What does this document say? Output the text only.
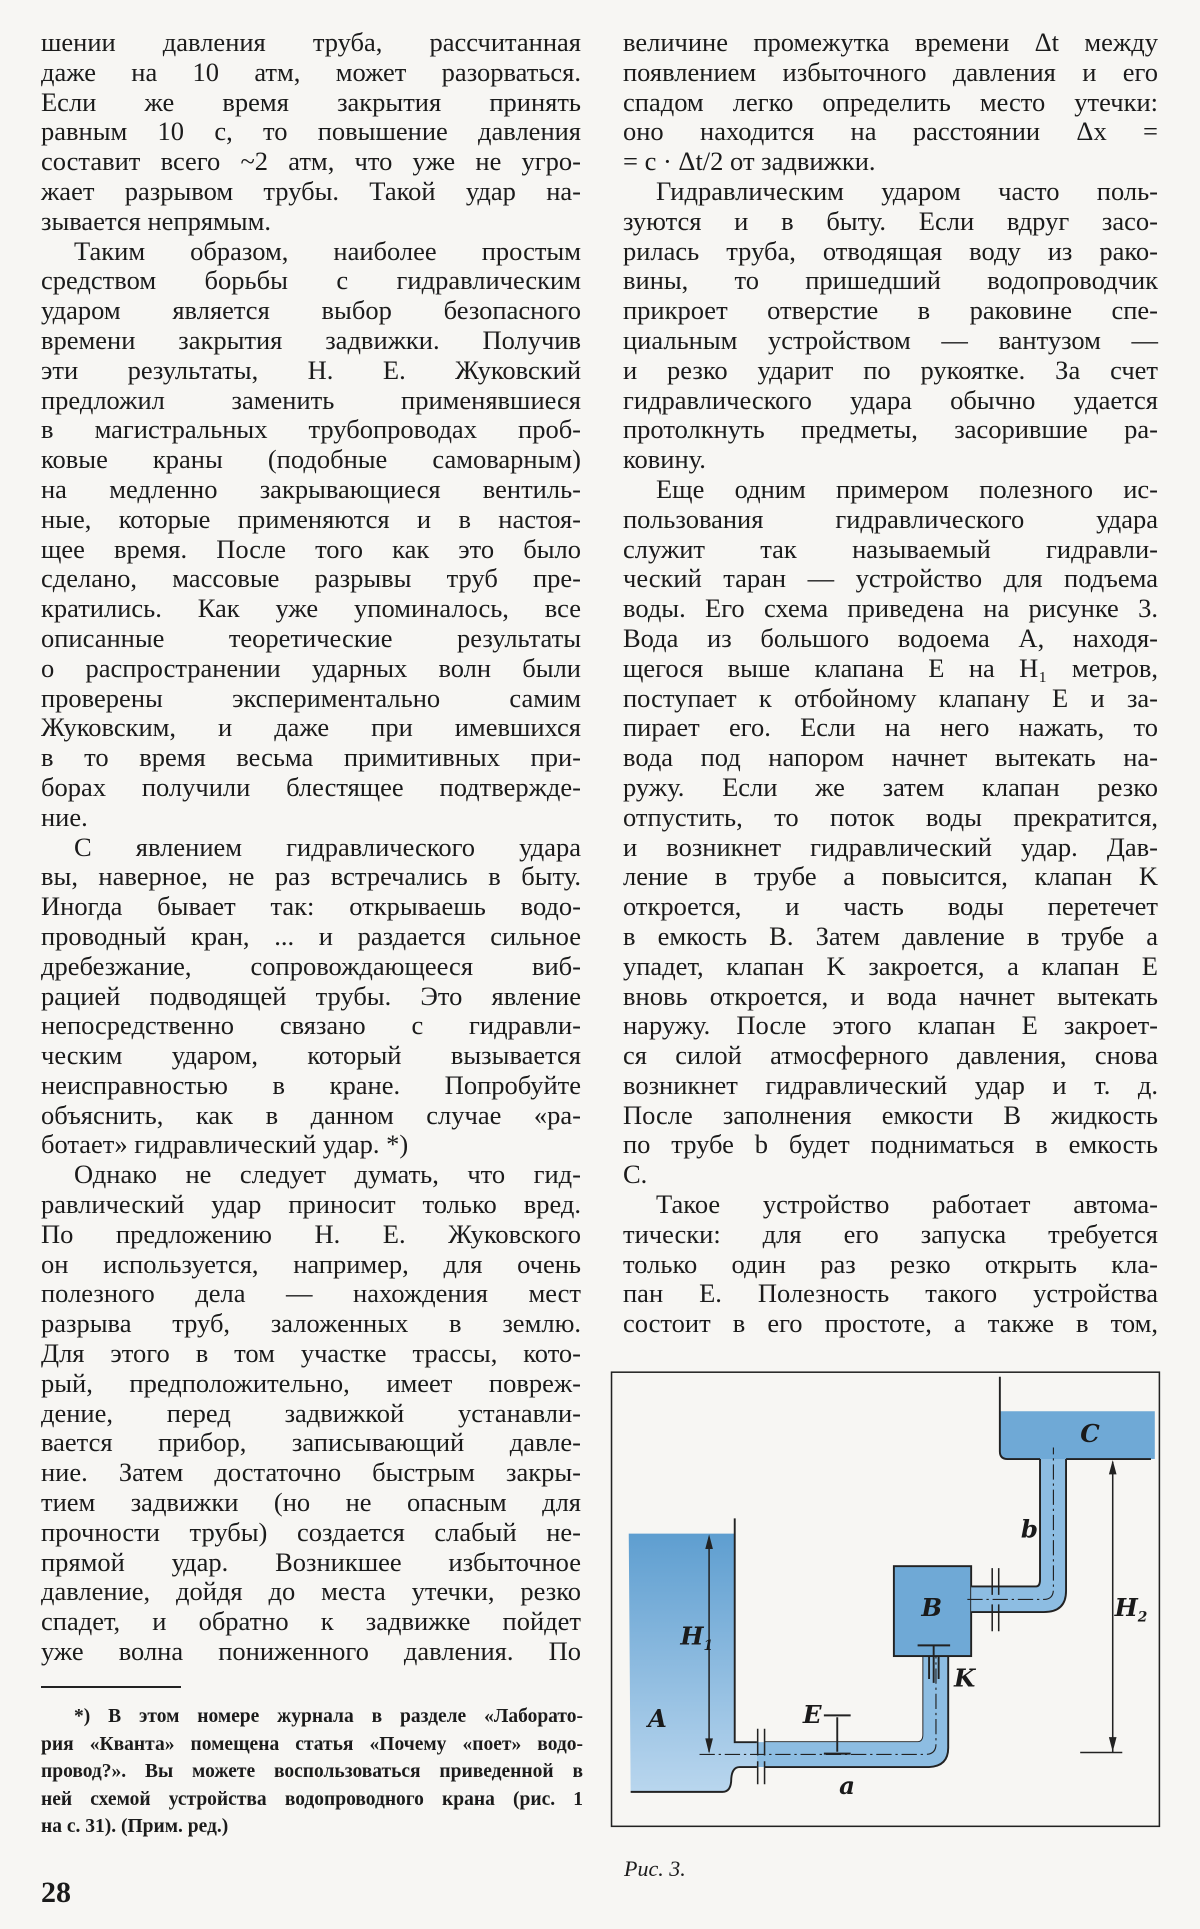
шении давления труба, рассчитанная
даже на 10 атм, может разорваться.
Если же время закрытия принять
равным 10 с, то повышение давления
составит всего ~2 атм, что уже не угро-
жает разрывом трубы. Такой удар на-
зывается непрямым.
Таким образом, наиболее простым
средством борьбы с гидравлическим
ударом является выбор безопасного
времени закрытия задвижки. Получив
эти результаты, Н. Е. Жуковский
предложил заменить применявшиеся
в магистральных трубопроводах проб-
ковые краны (подобные самоварным)
на медленно закрывающиеся вентиль-
ные, которые применяются и в настоя-
щее время. После того как это было
сделано, массовые разрывы труб пре-
кратились. Как уже упоминалось, все
описанные теоретические результаты
о распространении ударных волн были
проверены экспериментально самим
Жуковским, и даже при имевшихся
в то время весьма примитивных при-
борах получили блестящее подтвержде-
ние.
С явлением гидравлического удара
вы, наверное, не раз встречались в быту.
Иногда бывает так: открываешь водо-
проводный кран, ... и раздается сильное
дребезжание, сопровождающееся виб-
рацией подводящей трубы. Это явление
непосредственно связано с гидравли-
ческим ударом, который вызывается
неисправностью в кране. Попробуйте
объяснить, как в данном случае «ра-
ботает» гидравлический удар. *)
Однако не следует думать, что гид-
равлический удар приносит только вред.
По предложению Н. Е. Жуковского
он используется, например, для очень
полезного дела — нахождения мест
разрыва труб, заложенных в землю.
Для этого в том участке трассы, кото-
рый, предположительно, имеет повреж-
дение, перед задвижкой устанавли-
вается прибор, записывающий давле-
ние. Затем достаточно быстрым закры-
тием задвижки (но не опасным для
прочности трубы) создается слабый не-
прямой удар. Возникшее избыточное
давление, дойдя до места утечки, резко
спадет, и обратно к задвижке пойдет
уже волна пониженного давления. По
величине промежутка времени Δt между
появлением избыточного давления и его
спадом легко определить место утечки:
оно находится на расстоянии Δx =
= c · Δt/2 от задвижки.
Гидравлическим ударом часто поль-
зуются и в быту. Если вдруг засо-
рилась труба, отводящая воду из рако-
вины, то пришедший водопроводчик
прикроет отверстие в раковине спе-
циальным устройством — вантузом —
и резко ударит по рукоятке. За счет
гидравлического удара обычно удается
протолкнуть предметы, засорившие ра-
ковину.
Еще одним примером полезного ис-
пользования гидравлического удара
служит так называемый гидравли-
ческий таран — устройство для подъема
воды. Его схема приведена на рисунке 3.
Вода из большого водоема A, находя-
щегося выше клапана E на H₁ метров,
поступает к отбойному клапану E и за-
пирает его. Если на него нажать, то
вода под напором начнет вытекать на-
ружу. Если же затем клапан резко
отпустить, то поток воды прекратится,
и возникнет гидравлический удар. Дав-
ление в трубе a повысится, клапан K
откроется, и часть воды перетечет
в емкость B. Затем давление в трубе a
упадет, клапан K закроется, а клапан E
вновь откроется, и вода начнет вытекать
наружу. После этого клапан E закроет-
ся силой атмосферного давления, снова
возникнет гидравлический удар и т. д.
После заполнения емкости B жидкость
по трубе b будет подниматься в емкость
C.
Такое устройство работает автома-
тически: для его запуска требуется
только один раз резко открыть кла-
пан E. Полезность такого устройства
состоит в его простоте, а также в том,
*) В этом номере журнала в разделе «Лаборато-
рия «Кванта» помещена статья «Почему «поет» водо-
провод?». Вы можете воспользоваться приведенной в
ней схемой устройства водопроводного крана (рис. 1
на с. 31). (Прим. ред.)
28
A
B
C
E
K
a
b
$H_1$
$H_2$
Рис. 3.
